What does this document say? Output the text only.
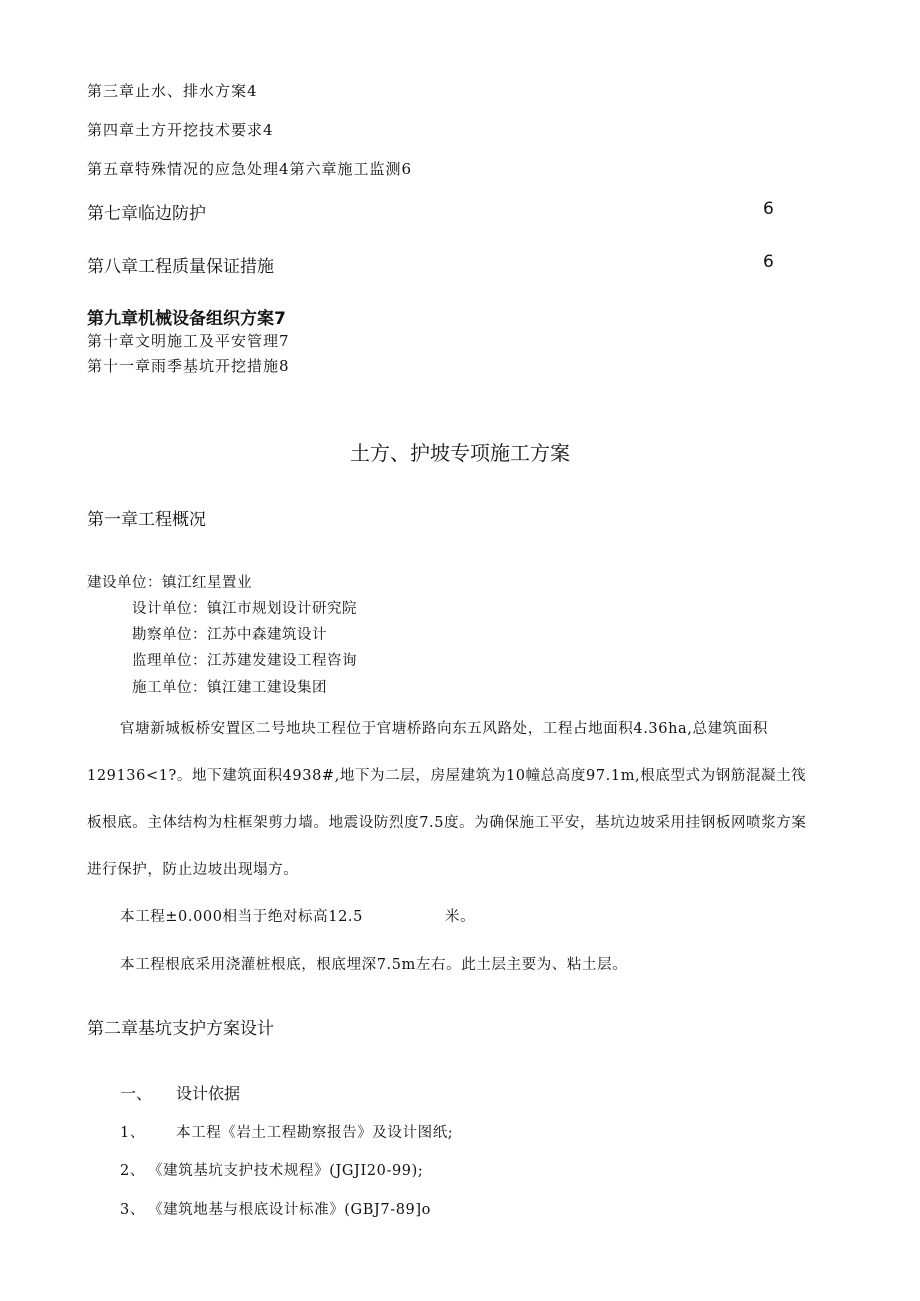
第三章止水、排水方案4
第四章土方开挖技术要求4
第五章特殊情况的应急处理4第六章施工监测6
第七章临边防护	6
第八章工程质量保证措施	6
第九章机械设备组织方案7
第十章文明施工及平安管理7
第十一章雨季基坑开挖措施8
土方、护坡专项施工方案
第一章工程概况
建设单位：镇江红星置业
设计单位：镇江市规划设计研究院
勘察单位：江苏中森建筑设计
监理单位：江苏建发建设工程咨询
施工单位：镇江建工建设集团
官塘新城板桥安置区二号地块工程位于官塘桥路向东五风路处，工程占地面积4.36ha,总建筑面积
129136<1?。地下建筑面积4938#,地下为二层，房屋建筑为10幢总高度97.1m,根底型式为钢筋混凝土筏
板根底。主体结构为柱框架剪力墙。地震设防烈度7.5度。为确保施工平安，基坑边坡采用挂钢板网喷浆方案
进行保护，防止边坡出现塌方。
本工程±0.000相当于绝对标高12.5	米。
本工程根底采用浇灌桩根底，根底埋深7.5m左右。此土层主要为、粘土层。
第二章基坑支护方案设计
一、 设计依据
1、 本工程《岩土工程勘察报告》及设计图纸;
2、 《建筑基坑支护技术规程》(JGJI20-99);
3、 《建筑地基与根底设计标准》(GBJ7-89]o
